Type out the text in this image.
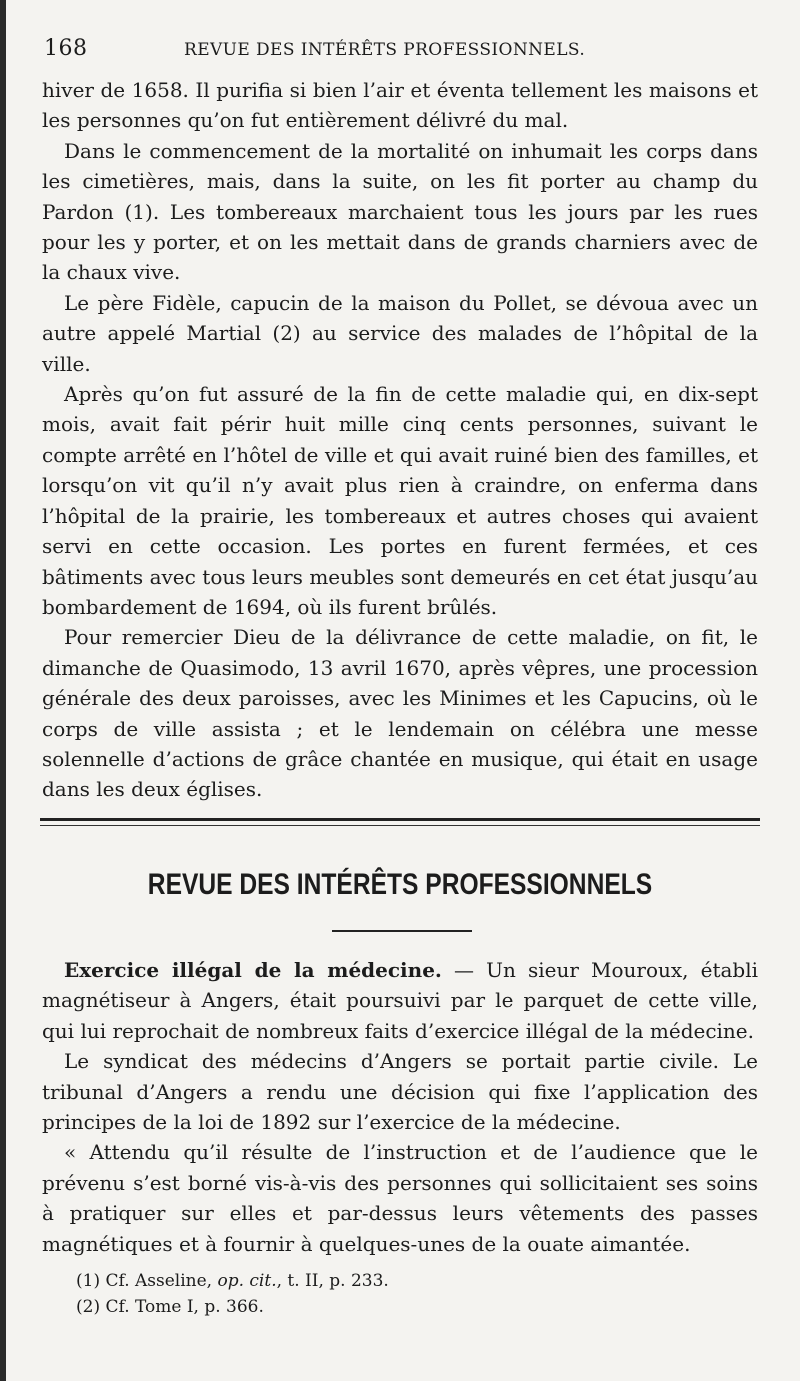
168	REVUE DES INTÉRÊTS PROFESSIONNELS.

hiver de 1658. Il purifia si bien l’air et éventa tellement les maisons et les personnes qu’on fut entièrement délivré du mal.

Dans le commencement de la mortalité on inhumait les corps dans les cimetières, mais, dans la suite, on les fit porter au champ du Pardon (1). Les tombereaux marchaient tous les jours par les rues pour les y porter, et on les mettait dans de grands charniers avec de la chaux vive.

Le père Fidèle, capucin de la maison du Pollet, se dévoua avec un autre appelé Martial (2) au service des malades de l’hôpital de la ville.

Après qu’on fut assuré de la fin de cette maladie qui, en dix-sept mois, avait fait périr huit mille cinq cents personnes, suivant le compte arrêté en l’hôtel de ville et qui avait ruiné bien des familles, et lorsqu’on vit qu’il n’y avait plus rien à craindre, on enferma dans l’hôpital de la prairie, les tombereaux et autres choses qui avaient servi en cette occasion. Les portes en furent fermées, et ces bâtiments avec tous leurs meubles sont demeurés en cet état jusqu’au bombardement de 1694, où ils furent brûlés.

Pour remercier Dieu de la délivrance de cette maladie, on fit, le dimanche de Quasimodo, 13 avril 1670, après vêpres, une procession générale des deux paroisses, avec les Minimes et les Capucins, où le corps de ville assista ; et le lendemain on célébra une messe solennelle d’actions de grâce chantée en musique, qui était en usage dans les deux églises.

REVUE DES INTÉRÊTS PROFESSIONNELS

Exercice illégal de la médecine. — Un sieur Mouroux, établi magnétiseur à Angers, était poursuivi par le parquet de cette ville, qui lui reprochait de nombreux faits d’exercice illégal de la médecine.

Le syndicat des médecins d’Angers se portait partie civile. Le tribunal d’Angers a rendu une décision qui fixe l’application des principes de la loi de 1892 sur l’exercice de la médecine.

« Attendu qu’il résulte de l’instruction et de l’audience que le prévenu s’est borné vis-à-vis des personnes qui sollicitaient ses soins à pratiquer sur elles et par-dessus leurs vêtements des passes magnétiques et à fournir à quelques-unes de la ouate aimantée.

(1) Cf. Asseline, op. cit., t. II, p. 233.
(2) Cf. Tome I, p. 366.
